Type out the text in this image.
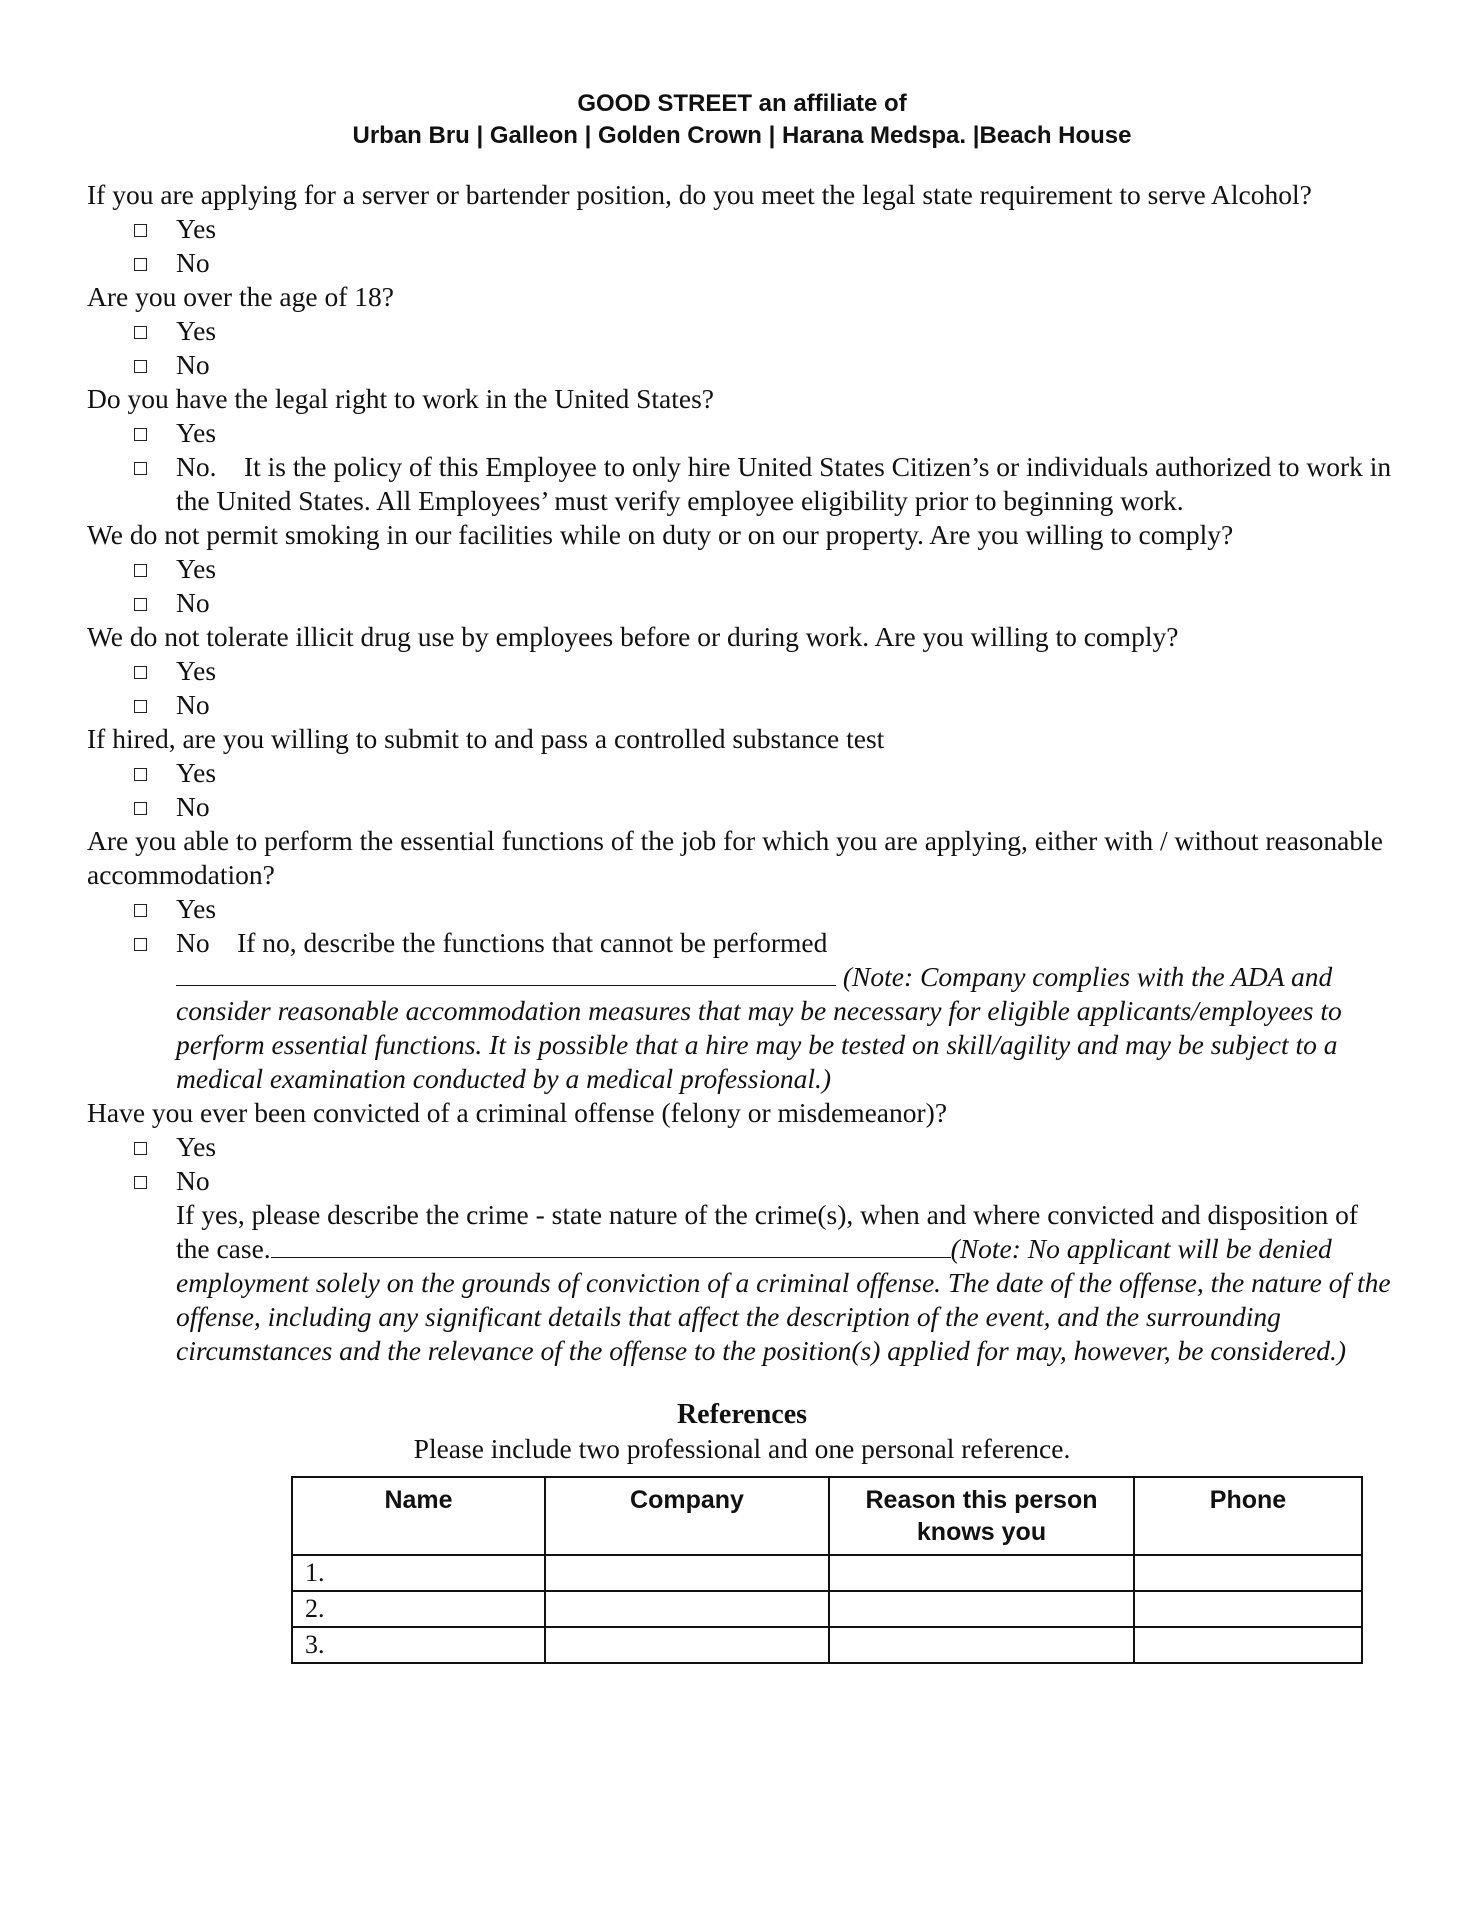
GOOD STREET an affiliate of
Urban Bru | Galleon | Golden Crown | Harana Medspa. |Beach House
If you are applying for a server or bartender position, do you meet the legal state requirement to serve Alcohol?
Yes
No
Are you over the age of 18?
Yes
No
Do you have the legal right to work in the United States?
Yes
No.    It is the policy of this Employee to only hire United States Citizen’s or individuals authorized to work in the United States. All Employees’ must verify employee eligibility prior to beginning work.
We do not permit smoking in our facilities while on duty or on our property. Are you willing to comply?
Yes
No
We do not tolerate illicit drug use by employees before or during work. Are you willing to comply?
Yes
No
If hired, are you willing to submit to and pass a controlled substance test
Yes
No
Are you able to perform the essential functions of the job for which you are applying, either with / without reasonable accommodation?
Yes
No    If no, describe the functions that cannot be performed
(Note: Company complies with the ADA and consider reasonable accommodation measures that may be necessary for eligible applicants/employees to perform essential functions. It is possible that a hire may be tested on skill/agility and may be subject to a medical examination conducted by a medical professional.)
Have you ever been convicted of a criminal offense (felony or misdemeanor)?
Yes
No
If yes, please describe the crime - state nature of the crime(s), when and where convicted and disposition of the case.	(Note: No applicant will be denied employment solely on the grounds of conviction of a criminal offense. The date of the offense, the nature of the offense, including any significant details that affect the description of the event, and the surrounding circumstances and the relevance of the offense to the position(s) applied for may, however, be considered.)
References
Please include two professional and one personal reference.
Name	Company	Reason this person knows you	Phone
1.			
2.			
3.			
